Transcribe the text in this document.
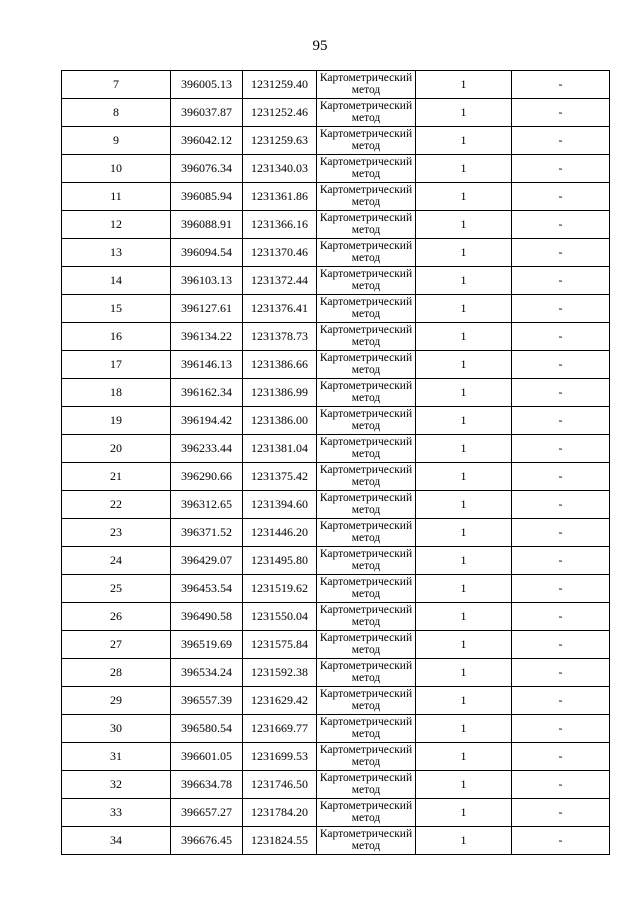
95
7	396005.13	1231259.40	Картометрический метод	1	-
8	396037.87	1231252.46	Картометрический метод	1	-
9	396042.12	1231259.63	Картометрический метод	1	-
10	396076.34	1231340.03	Картометрический метод	1	-
11	396085.94	1231361.86	Картометрический метод	1	-
12	396088.91	1231366.16	Картометрический метод	1	-
13	396094.54	1231370.46	Картометрический метод	1	-
14	396103.13	1231372.44	Картометрический метод	1	-
15	396127.61	1231376.41	Картометрический метод	1	-
16	396134.22	1231378.73	Картометрический метод	1	-
17	396146.13	1231386.66	Картометрический метод	1	-
18	396162.34	1231386.99	Картометрический метод	1	-
19	396194.42	1231386.00	Картометрический метод	1	-
20	396233.44	1231381.04	Картометрический метод	1	-
21	396290.66	1231375.42	Картометрический метод	1	-
22	396312.65	1231394.60	Картометрический метод	1	-
23	396371.52	1231446.20	Картометрический метод	1	-
24	396429.07	1231495.80	Картометрический метод	1	-
25	396453.54	1231519.62	Картометрический метод	1	-
26	396490.58	1231550.04	Картометрический метод	1	-
27	396519.69	1231575.84	Картометрический метод	1	-
28	396534.24	1231592.38	Картометрический метод	1	-
29	396557.39	1231629.42	Картометрический метод	1	-
30	396580.54	1231669.77	Картометрический метод	1	-
31	396601.05	1231699.53	Картометрический метод	1	-
32	396634.78	1231746.50	Картометрический метод	1	-
33	396657.27	1231784.20	Картометрический метод	1	-
34	396676.45	1231824.55	Картометрический метод	1	-
